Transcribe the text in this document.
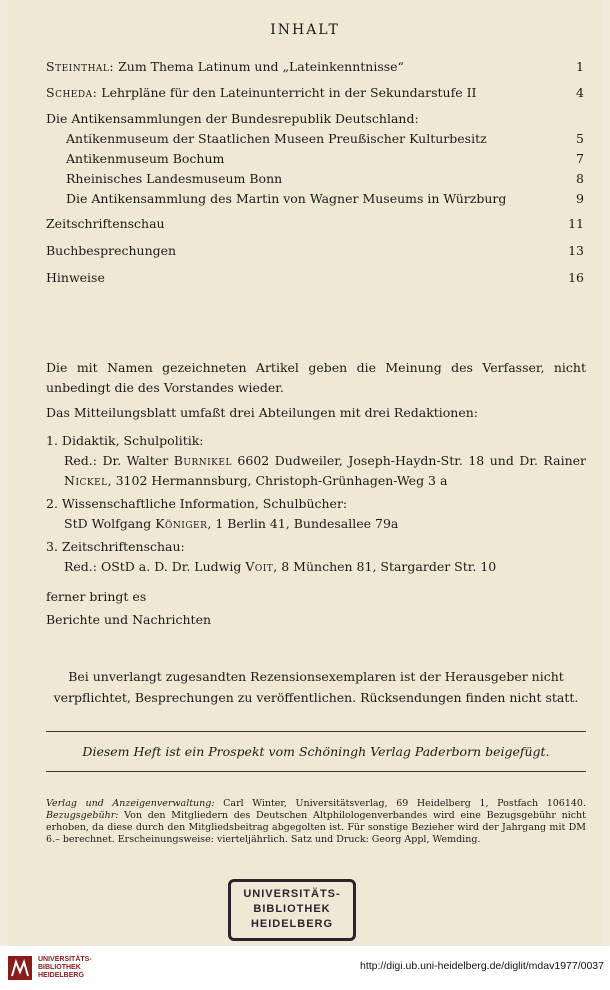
INHALT
Steinthal: Zum Thema Latinum und „Lateinkenntnisse“	1
Scheda: Lehrpläne für den Lateinunterricht in der Sekundarstufe II	4
Die Antikensammlungen der Bundesrepublik Deutschland:
Antikenmuseum der Staatlichen Museen Preußischer Kulturbesitz	5
Antikenmuseum Bochum	7
Rheinisches Landesmuseum Bonn	8
Die Antikensammlung des Martin von Wagner Museums in Würzburg	9
Zeitschriftenschau	11
Buchbesprechungen	13
Hinweise	16
Die mit Namen gezeichneten Artikel geben die Meinung des Verfasser, nicht unbedingt die des Vorstandes wieder.
Das Mitteilungsblatt umfaßt drei Abteilungen mit drei Redaktionen:
1. Didaktik, Schulpolitik:
Red.: Dr. Walter Burnikel 6602 Dudweiler, Joseph-Haydn-Str. 18 und Dr. Rainer Nickel, 3102 Hermannsburg, Christoph-Grünhagen-Weg 3 a
2. Wissenschaftliche Information, Schulbücher:
StD Wolfgang Königer, 1 Berlin 41, Bundesallee 79a
3. Zeitschriftenschau:
Red.: OStD a. D. Dr. Ludwig Voit, 8 München 81, Stargarder Str. 10
ferner bringt es
Berichte und Nachrichten
Bei unverlangt zugesandten Rezensionsexemplaren ist der Herausgeber nicht verpflichtet, Besprechungen zu veröffentlichen. Rücksendungen finden nicht statt.
Diesem Heft ist ein Prospekt vom Schöningh Verlag Paderborn beigefügt.
Verlag und Anzeigenverwaltung: Carl Winter, Universitätsverlag, 69 Heidelberg 1, Postfach 106140. Bezugsgebühr: Von den Mitgliedern des Deutschen Altphilologenverbandes wird eine Bezugsgebühr nicht erhoben, da diese durch den Mitgliedsbeitrag abgegolten ist. Für sonstige Bezieher wird der Jahrgang mit DM 6.– berechnet. Erscheinungsweise: vierteljährlich. Satz und Druck: Georg Appl, Wemding.
UNIVERSITÄTS-
BIBLIOTHEK
HEIDELBERG
UNIVERSITÄTS-
BIBLIOTHEK
HEIDELBERG
http://digi.ub.uni-heidelberg.de/diglit/mdav1977/0037
